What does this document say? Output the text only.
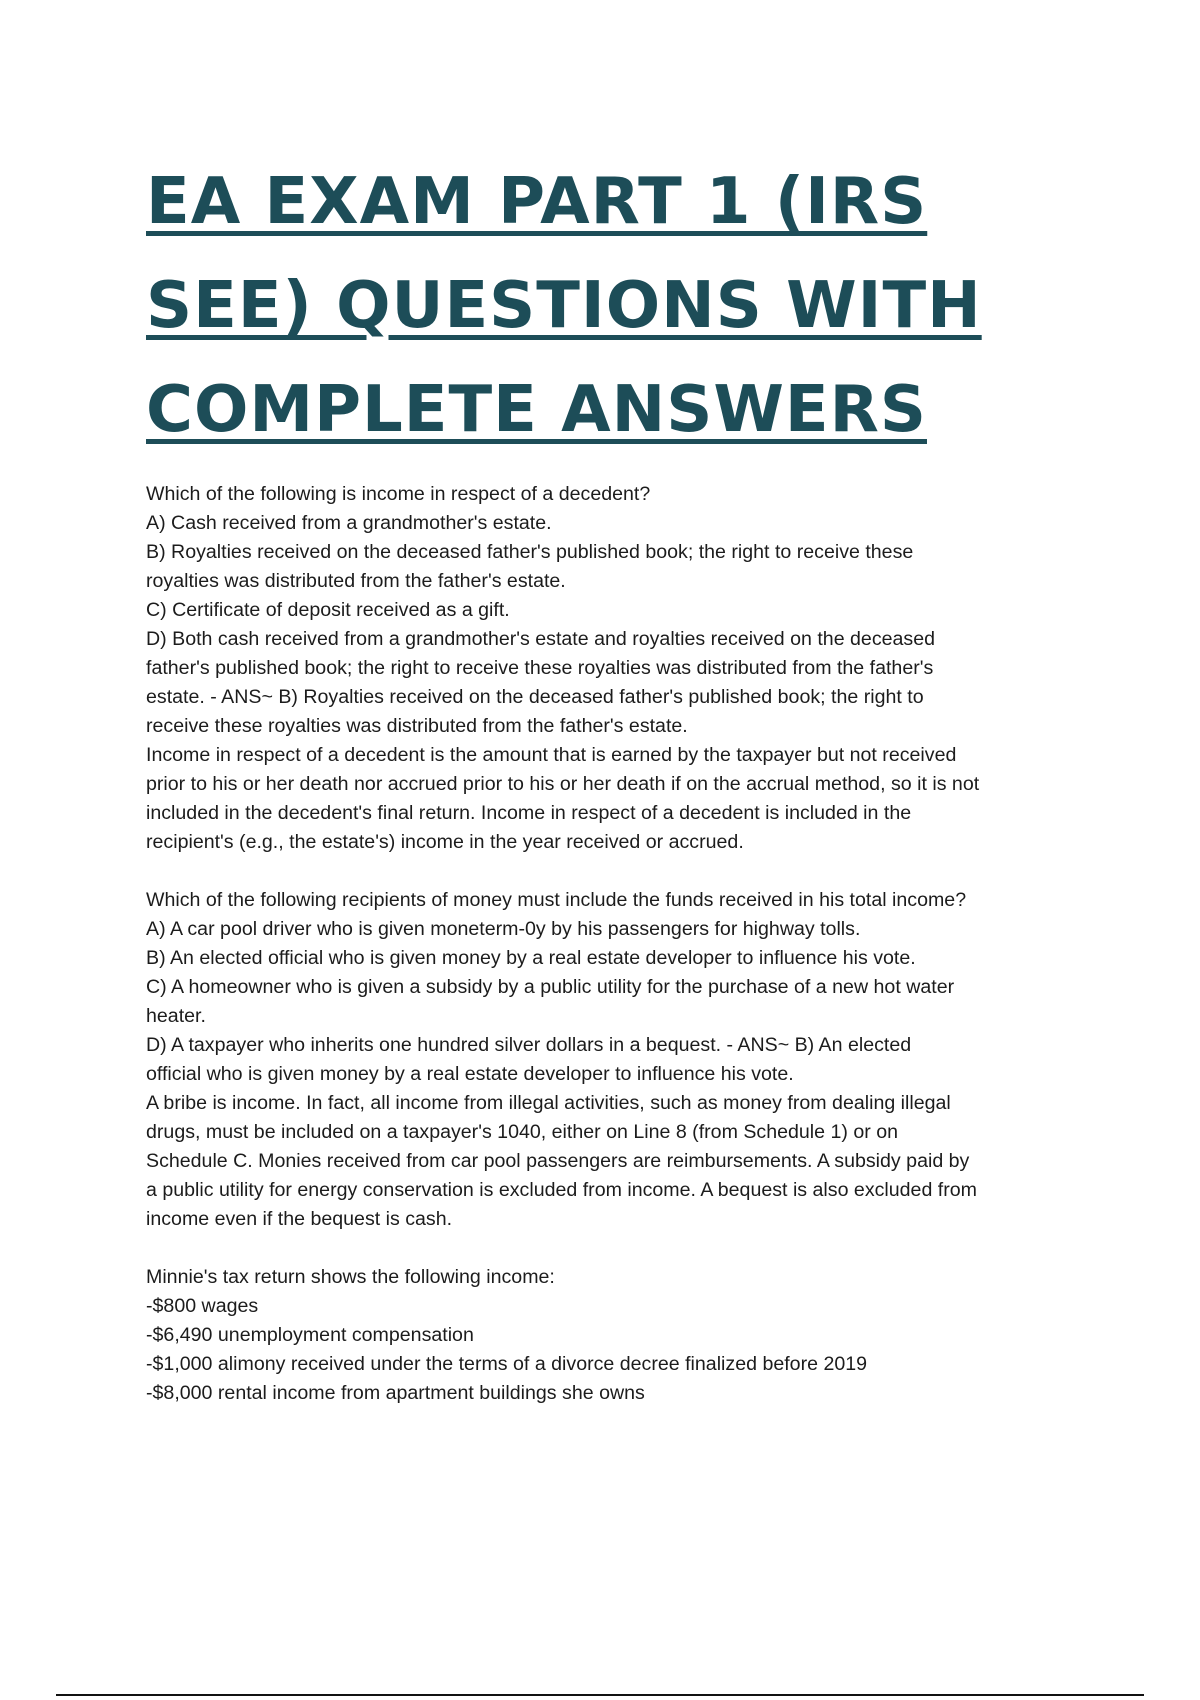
EA EXAM PART 1 (IRS
SEE) QUESTIONS WITH
COMPLETE ANSWERS
Which of the following is income in respect of a decedent?
A) Cash received from a grandmother's estate.
B) Royalties received on the deceased father's published book; the right to receive these
royalties was distributed from the father's estate.
C) Certificate of deposit received as a gift.
D) Both cash received from a grandmother's estate and royalties received on the deceased
father's published book; the right to receive these royalties was distributed from the father's
estate. - ANS~ B) Royalties received on the deceased father's published book; the right to
receive these royalties was distributed from the father's estate.
Income in respect of a decedent is the amount that is earned by the taxpayer but not received
prior to his or her death nor accrued prior to his or her death if on the accrual method, so it is not
included in the decedent's final return. Income in respect of a decedent is included in the
recipient's (e.g., the estate's) income in the year received or accrued.
Which of the following recipients of money must include the funds received in his total income?
A) A car pool driver who is given moneterm-0y by his passengers for highway tolls.
B) An elected official who is given money by a real estate developer to influence his vote.
C) A homeowner who is given a subsidy by a public utility for the purchase of a new hot water
heater.
D) A taxpayer who inherits one hundred silver dollars in a bequest. - ANS~ B) An elected
official who is given money by a real estate developer to influence his vote.
A bribe is income. In fact, all income from illegal activities, such as money from dealing illegal
drugs, must be included on a taxpayer's 1040, either on Line 8 (from Schedule 1) or on
Schedule C. Monies received from car pool passengers are reimbursements. A subsidy paid by
a public utility for energy conservation is excluded from income. A bequest is also excluded from
income even if the bequest is cash.
Minnie's tax return shows the following income:
-$800 wages
-$6,490 unemployment compensation
-$1,000 alimony received under the terms of a divorce decree finalized before 2019
-$8,000 rental income from apartment buildings she owns
